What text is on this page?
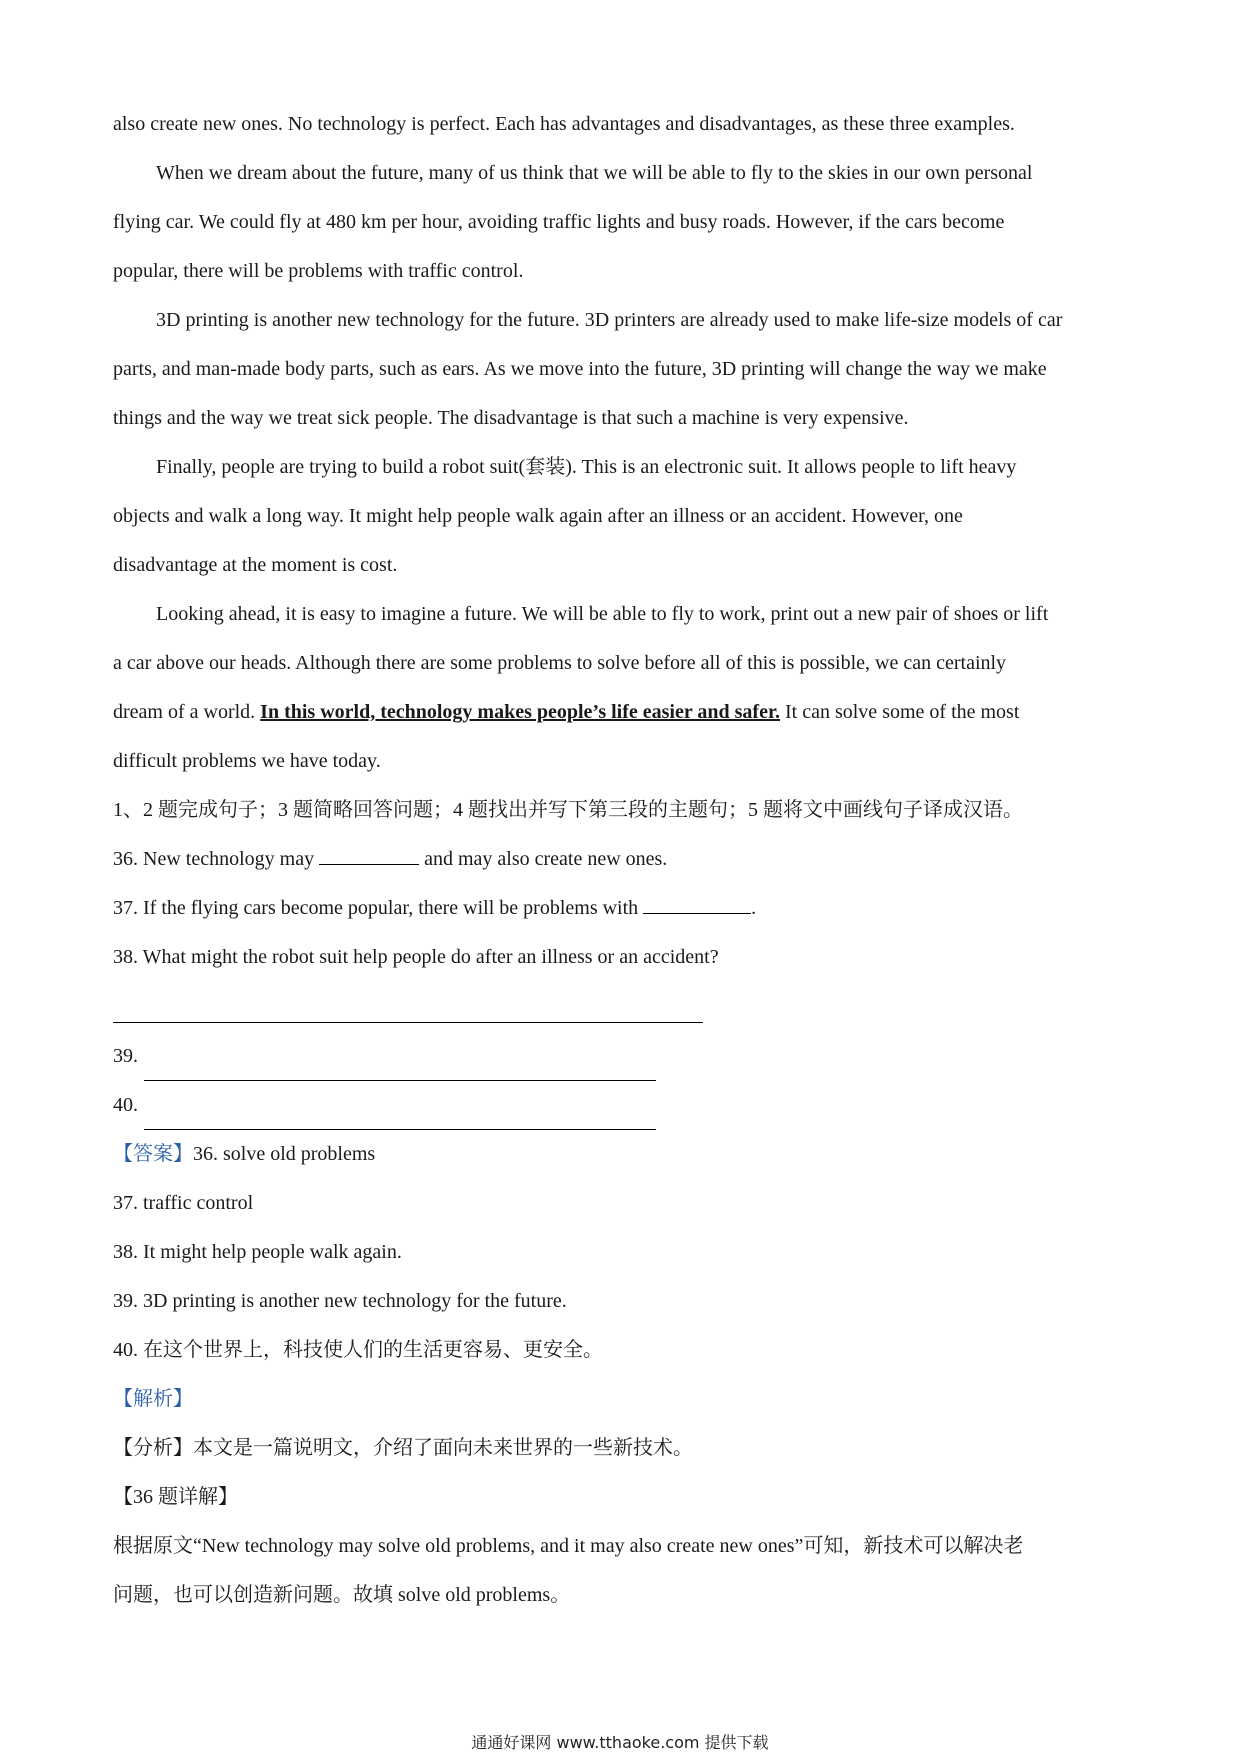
also create new ones. No technology is perfect. Each has advantages and disadvantages, as these three examples.
When we dream about the future, many of us think that we will be able to fly to the skies in our own personal
flying car. We could fly at 480 km per hour, avoiding traffic lights and busy roads. However, if the cars become
popular, there will be problems with traffic control.
3D printing is another new technology for the future. 3D printers are already used to make life-size models of car
parts, and man-made body parts, such as ears. As we move into the future, 3D printing will change the way we make
things and the way we treat sick people. The disadvantage is that such a machine is very expensive.
Finally, people are trying to build a robot suit(套装). This is an electronic suit. It allows people to lift heavy
objects and walk a long way. It might help people walk again after an illness or an accident. However, one
disadvantage at the moment is cost.
Looking ahead, it is easy to imagine a future. We will be able to fly to work, print out a new pair of shoes or lift
a car above our heads. Although there are some problems to solve before all of this is possible, we can certainly
dream of a world. In this world, technology makes people’s life easier and safer. It can solve some of the most
difficult problems we have today.
1、2 题完成句子；3 题简略回答问题；4 题找出并写下第三段的主题句；5 题将文中画线句子译成汉语。
36. New technology may	and may also create new ones.
37. If the flying cars become popular, there will be problems with	.
38. What might the robot suit help people do after an illness or an accident?
39.
40.
【答案】36. solve old problems
37. traffic control
38. It might help people walk again.
39. 3D printing is another new technology for the future.
40. 在这个世界上，科技使人们的生活更容易、更安全。
【解析】
【分析】本文是一篇说明文，介绍了面向未来世界的一些新技术。
【36 题详解】
根据原文“New technology may solve old problems, and it may also create new ones”可知，新技术可以解决老
问题，也可以创造新问题。故填 solve old problems。
通通好课网 www.tthaoke.com 提供下载
